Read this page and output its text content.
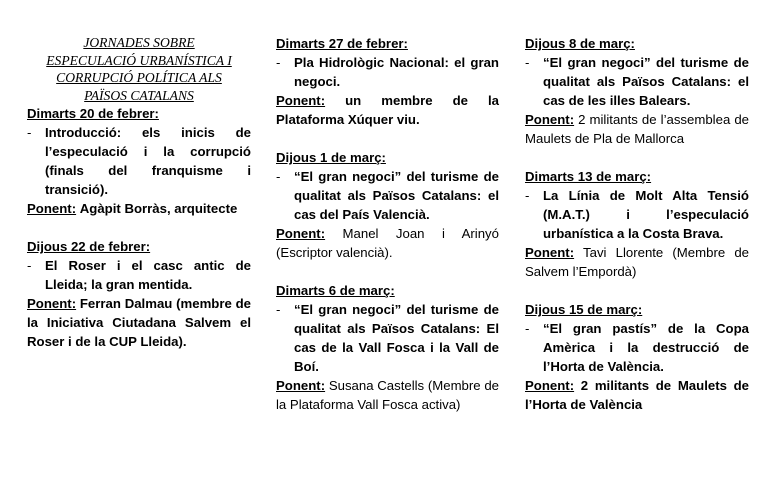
JORNADES SOBRE
ESPECULACIÓ URBANÍSTICA I
CORRUPCIÓ POLÍTICA ALS
PAÏSOS CATALANS
Dimarts 20 de febrer:
-	Introducció: els inicis de l’especulació i la corrupció (finals del franquisme i transició).
Ponent: Agàpit Borràs, arquitecte
Dijous 22 de febrer:
-	El Roser i el casc antic de Lleida; la gran mentida.
Ponent: Ferran Dalmau (membre de la Iniciativa Ciutadana Salvem el Roser i de la CUP Lleida).
Dimarts 27 de febrer:
-	Pla Hidrològic Nacional: el gran negoci.
Ponent: un membre de la Plataforma Xúquer viu.
Dijous 1 de març:
-	“El gran negoci” del turisme de qualitat als Països Catalans: el cas del País Valencià.
Ponent: Manel Joan i Arinyó (Escriptor valencià).
Dimarts 6 de març:
-	“El gran negoci” del turisme de qualitat als Països Catalans: El cas de la Vall Fosca i la Vall de Boí.
Ponent: Susana Castells (Membre de la Plataforma Vall Fosca activa)
Dijous 8 de març:
-	“El gran negoci” del turisme de qualitat als Països Catalans: el cas de les illes Balears.
Ponent: 2 militants de l’assemblea de Maulets de Pla de Mallorca
Dimarts 13 de març:
-	La Línia de Molt Alta Tensió (M.A.T.) i l’especulació urbanística a la Costa Brava.
Ponent: Tavi Llorente (Membre de Salvem l’Empordà)
Dijous 15 de març:
-	“El gran pastís” de la Copa Amèrica i la destrucció de l’Horta de València.
Ponent: 2 militants de Maulets de l’Horta de València
